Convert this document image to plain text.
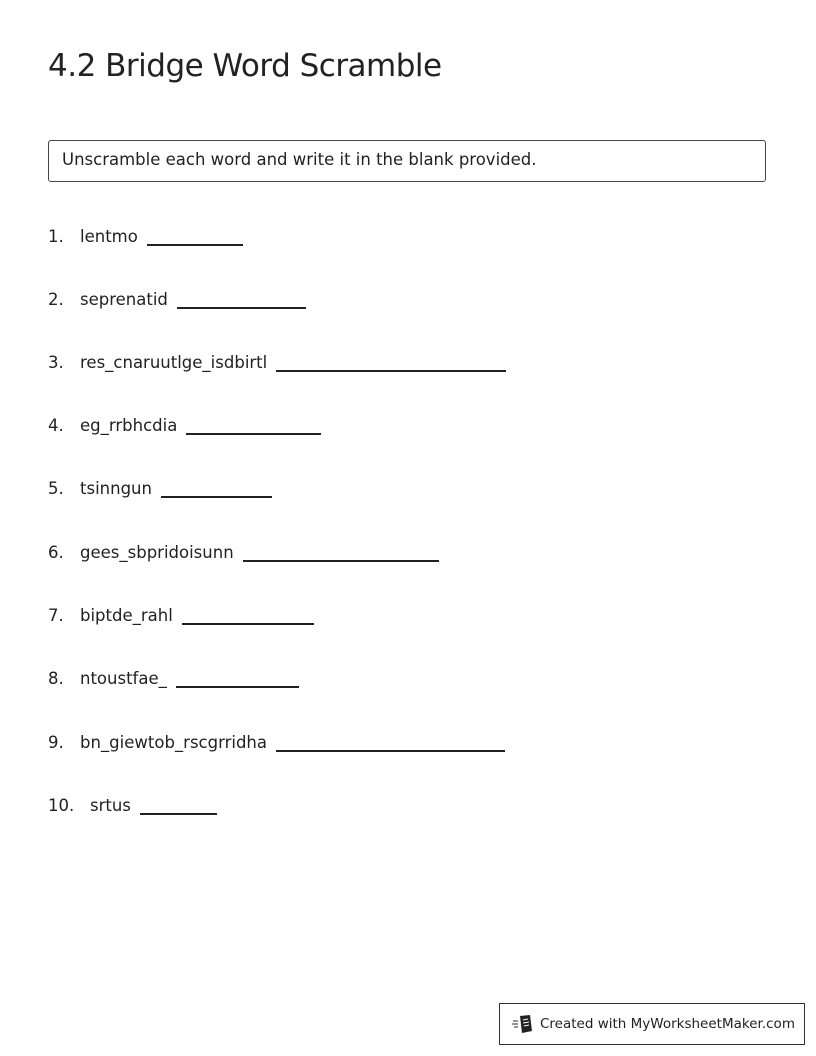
4.2 Bridge Word Scramble
Unscramble each word and write it in the blank provided.
1. lentmo
2. seprenatid
3. res_cnaruutlge_isdbirtl
4. eg_rrbhcdia
5. tsinngun
6. gees_sbpridoisunn
7. biptde_rahl
8. ntoustfae_
9. bn_giewtob_rscgrridha
10. srtus
Created with MyWorksheetMaker.com
